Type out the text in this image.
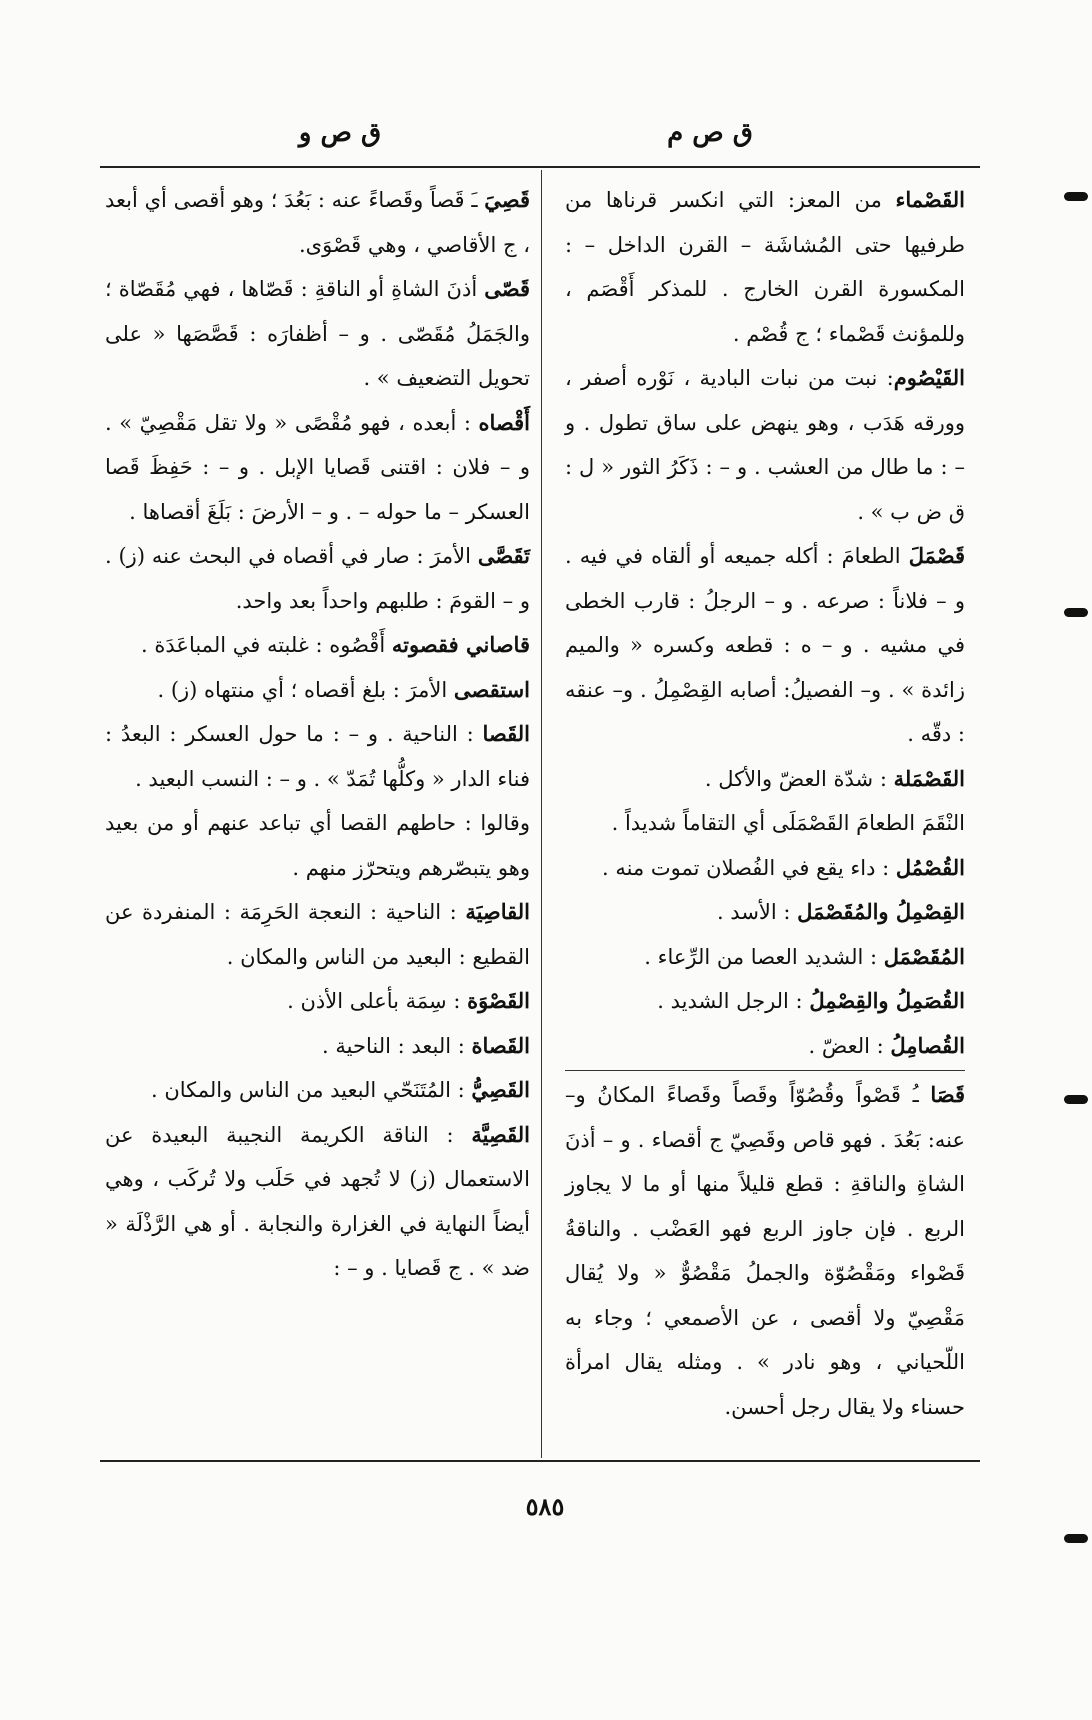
ق ص م
ق ص و

القَصْماء من المعز: التي انكسر قرناها من طرفيها حتى المُشاشَة – القرن الداخل – : المكسورة القرن الخارج . للمذكر أَقْصَم ، وللمؤنث قَصْماء ؛ ج قُصْم .

القَيْصُوم: نبت من نبات البادية ، نَوْره أصفر ، وورقه هَدَب ، وهو ينهض على ساق تطول . و – : ما طال من العشب . و – : ذَكَرُ الثور « ل : ق ض ب » .

قَصْمَلَ الطعامَ : أكله جميعه أو ألقاه في فيه . و – فلاناً : صرعه . و – الرجلُ : قارب الخطى في مشيه . و – ه : قطعه وكسره « والميم زائدة » . و– الفصيلُ: أصابه القِصْمِلُ . و– عنقه : دقّه .

القَصْمَلة : شدّة العضّ والأكل .

النْقَمَ الطعامَ القَصْمَلَى أي التقاماً شديداً .

القُصْمُل : داء يقع في الفُصلان تموت منه .

القِصْمِلُ والمُقَصْمَل : الأسد .

المُقَصْمَل : الشديد العصا من الرِّعاء .

القُصَمِلُ والقِصْمِلُ : الرجل الشديد .

القُصامِلُ : العضّ .

قَصَا ـُ قَصْواً وقُصُوّاً وقَصاً وقَصاءً المكانُ و– عنه: بَعُدَ . فهو قاص وقَصِيّ ج أقصاء . و – أذنَ الشاةِ والناقةِ : قطع قليلاً منها أو ما لا يجاوز الربع . فإن جاوز الربع فهو العَضْب . والناقةُ قَصْواء ومَقْصُوّة والجملُ مَقْصُوٌّ « ولا يُقال مَقْصِيّ ولا أقصى ، عن الأصمعي ؛ وجاء به اللّحياني ، وهو نادر » . ومثله يقال امرأة حسناء ولا يقال رجل أحسن.

قَصِيَ ـَ قَصاً وقَصاءً عنه : بَعُدَ ؛ وهو أقصى أي أبعد ، ج الأقاصي ، وهي قَصْوَى.

قَصّى أذنَ الشاةِ أو الناقةِ : قَصّاها ، فهي مُقَصّاة ؛ والجَمَلُ مُقَصّى . و – أظفارَه : قَصَّصَها « على تحويل التضعيف » .

أَقْصاه : أبعده ، فهو مُقْصًى « ولا تقل مَقْصِيّ » . و – فلان : اقتنى قَصايا الإبل . و – : حَفِظَ قَصا العسكر – ما حوله – . و – الأرضَ : بَلَغَ أقصاها .

تَقَصَّى الأمرَ : صار في أقصاه في البحث عنه (ز) . و – القومَ : طلبهم واحداً بعد واحد.

قاصاني فقصوته أَقْصُوه : غلبته في المباعَدَة .

استقصى الأمرَ : بلغ أقصاه ؛ أي منتهاه (ز) .

القَصا : الناحية . و – : ما حول العسكر : البعدُ : فناء الدار « وكلُّها تُمَدّ » . و – : النسب البعيد .

وقالوا : حاطهم القصا أي تباعد عنهم أو من بعيد وهو يتبصّرهم ويتحرّز منهم .

القاصِيَة : الناحية : النعجة الحَرِمَة : المنفردة عن القطيع : البعيد من الناس والمكان .

القَصْوَة : سِمَة بأعلى الأذن .

القَصاة : البعد : الناحية .

القَصِيُّ : المُتَنَحّي البعيد من الناس والمكان .

القَصِيَّة : الناقة الكريمة النجيبة البعيدة عن الاستعمال (ز) لا تُجهد في حَلَب ولا تُركَب ، وهي أيضاً النهاية في الغزارة والنجابة . أو هي الرَّذْلَة « ضد » . ج قَصايا . و – :

٥٨٥
